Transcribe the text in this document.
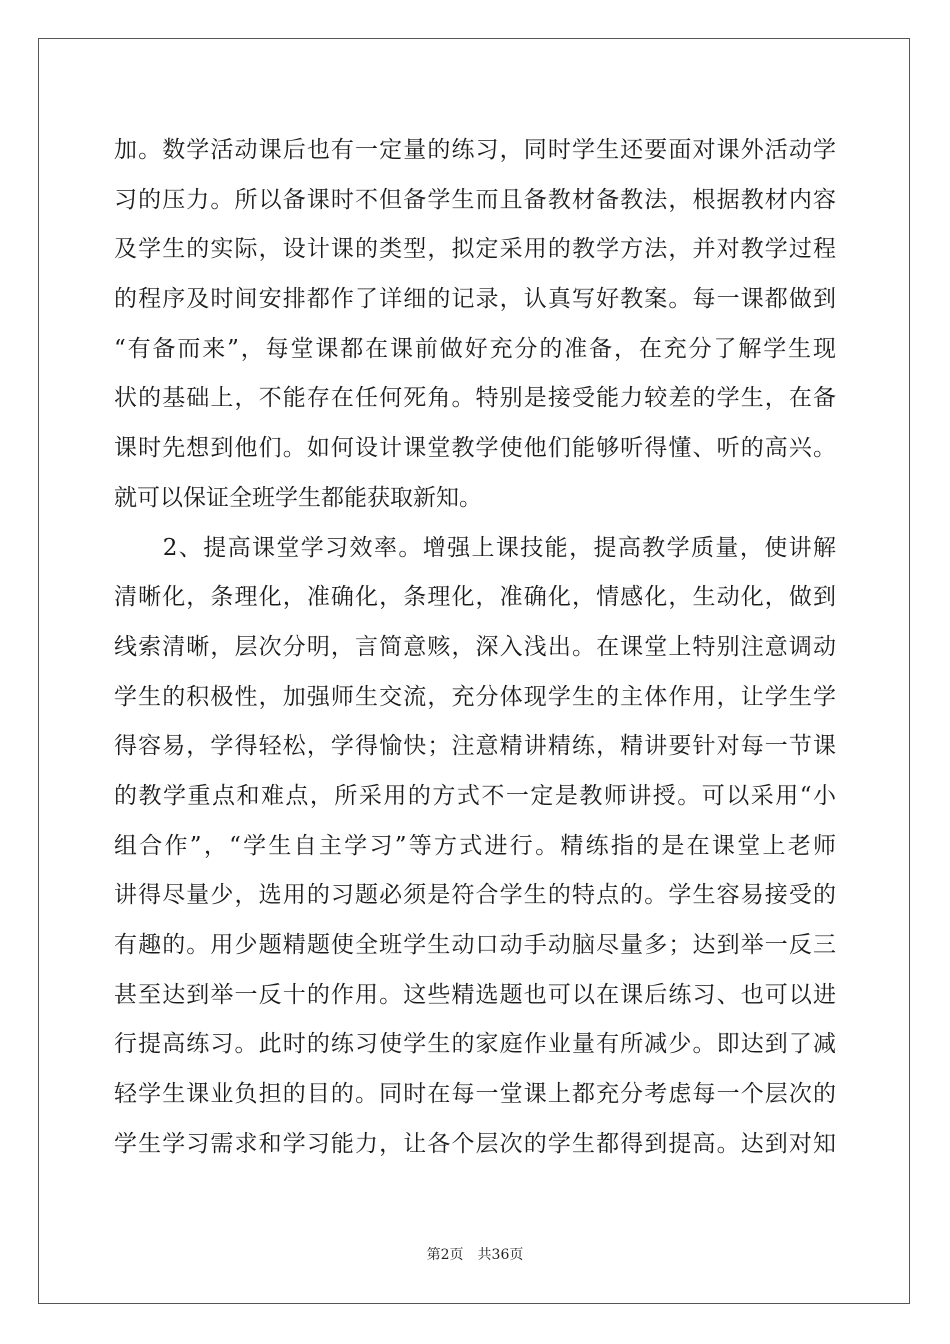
加。数学活动课后也有一定量的练习，同时学生还要面对课外活动学
习的压力。所以备课时不但备学生而且备教材备教法，根据教材内容
及学生的实际，设计课的类型，拟定采用的教学方法，并对教学过程
的程序及时间安排都作了详细的记录，认真写好教案。每一课都做到
“有备而来”，每堂课都在课前做好充分的准备，在充分了解学生现
状的基础上，不能存在任何死角。特别是接受能力较差的学生，在备
课时先想到他们。如何设计课堂教学使他们能够听得懂、听的高兴。
就可以保证全班学生都能获取新知。
　　2、提高课堂学习效率。增强上课技能，提高教学质量，使讲解
清晰化，条理化，准确化，条理化，准确化，情感化，生动化，做到
线索清晰，层次分明，言简意赅，深入浅出。在课堂上特别注意调动
学生的积极性，加强师生交流，充分体现学生的主体作用，让学生学
得容易，学得轻松，学得愉快；注意精讲精练，精讲要针对每一节课
的教学重点和难点，所采用的方式不一定是教师讲授。可以采用“小
组合作”，“学生自主学习”等方式进行。精练指的是在课堂上老师
讲得尽量少，选用的习题必须是符合学生的特点的。学生容易接受的
有趣的。用少题精题使全班学生动口动手动脑尽量多；达到举一反三
甚至达到举一反十的作用。这些精选题也可以在课后练习、也可以进
行提高练习。此时的练习使学生的家庭作业量有所减少。即达到了减
轻学生课业负担的目的。同时在每一堂课上都充分考虑每一个层次的
学生学习需求和学习能力，让各个层次的学生都得到提高。达到对知
第2页 共36页
